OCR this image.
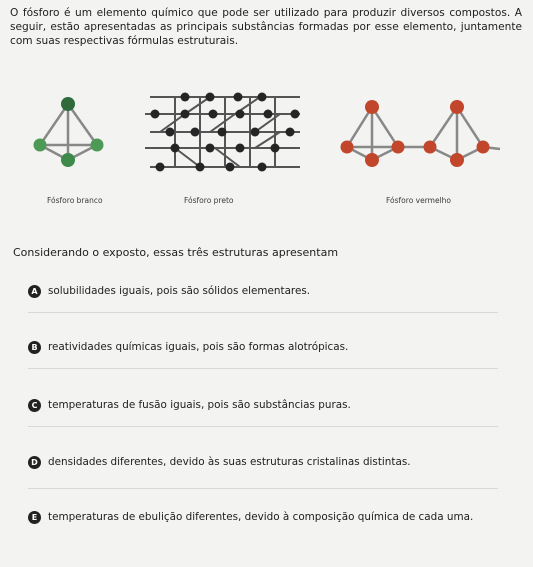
O fósforo é um elemento químico que pode ser utilizado para produzir diversos compostos. A seguir, estão apresentadas as principais substâncias formadas por esse elemento, juntamente com suas respectivas fórmulas estruturais.

Fósforo branco	Fósforo preto	Fósforo vermelho

Considerando o exposto, essas três estruturas apresentam

A	solubilidades iguais, pois são sólidos elementares.
B	reatividades químicas iguais, pois são formas alotrópicas.
C	temperaturas de fusão iguais, pois são substâncias puras.
D densidades diferentes, devido às suas estruturas cristalinas distintas.
E	temperaturas de ebulição diferentes, devido à composição química de cada uma.
